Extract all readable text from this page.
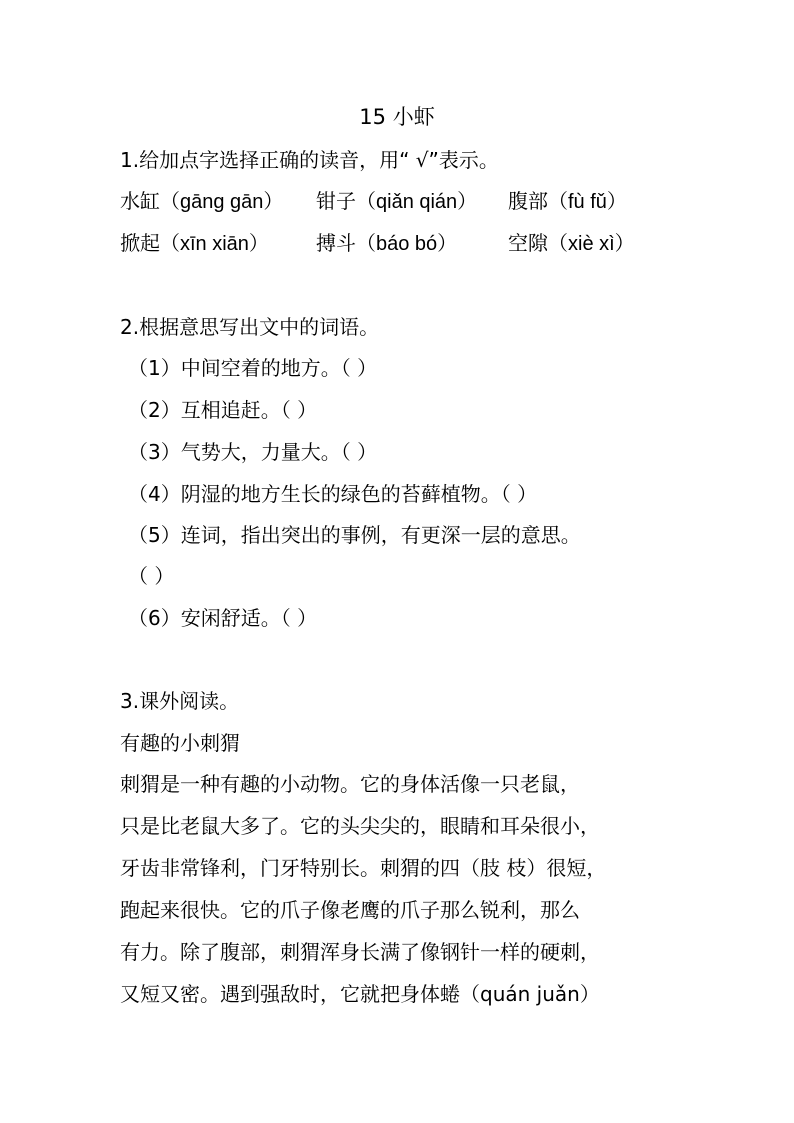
15 小虾
1.给加点字选择正确的读音，用“ √”表示。
水缸（gāng gān） 钳子（qiǎn qián） 腹部（fù fǔ）
掀起（xīn xiān） 搏斗（báo bó）	空隙（xiè xì）
2.根据意思写出文中的词语。
（1）中间空着的地方。（ ）
（2）互相追赶。（ ）
（3）气势大，力量大。（ ）
（4）阴湿的地方生长的绿色的苔藓植物。（ ）
（5）连词，指出突出的事例，有更深一层的意思。
（ ）
（6）安闲舒适。（ ）
3.课外阅读。
有趣的小刺猬
刺猬是一种有趣的小动物。它的身体活像一只老鼠，
只是比老鼠大多了。它的头尖尖的，眼睛和耳朵很小，
牙齿非常锋利，门牙特别长。刺猬的四（肢 枝）很短，
跑起来很快。它的爪子像老鹰的爪子那么锐利，那么
有力。除了腹部，刺猬浑身长满了像钢针一样的硬刺，
又短又密。遇到强敌时，它就把身体蜷（quán juǎn）
